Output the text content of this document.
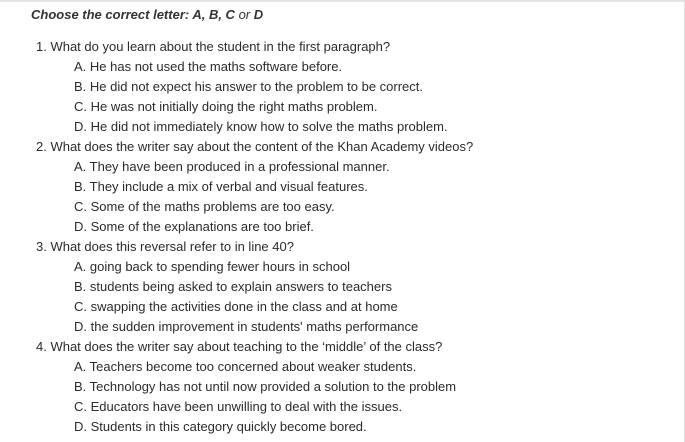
Choose the correct letter: A, B, C or D
1. What do you learn about the student in the first paragraph?
A. He has not used the maths software before.
B. He did not expect his answer to the problem to be correct.
C. He was not initially doing the right maths problem.
D. He did not immediately know how to solve the maths problem.
2. What does the writer say about the content of the Khan Academy videos?
A. They have been produced in a professional manner.
B. They include a mix of verbal and visual features.
C. Some of the maths problems are too easy.
D. Some of the explanations are too brief.
3. What does this reversal refer to in line 40?
A. going back to spending fewer hours in school
B. students being asked to explain answers to teachers
C. swapping the activities done in the class and at home
D. the sudden improvement in students' maths performance
4. What does the writer say about teaching to the ‘middle’ of the class?
A. Teachers become too concerned about weaker students.
B. Technology has not until now provided a solution to the problem
C. Educators have been unwilling to deal with the issues.
D. Students in this category quickly become bored.
